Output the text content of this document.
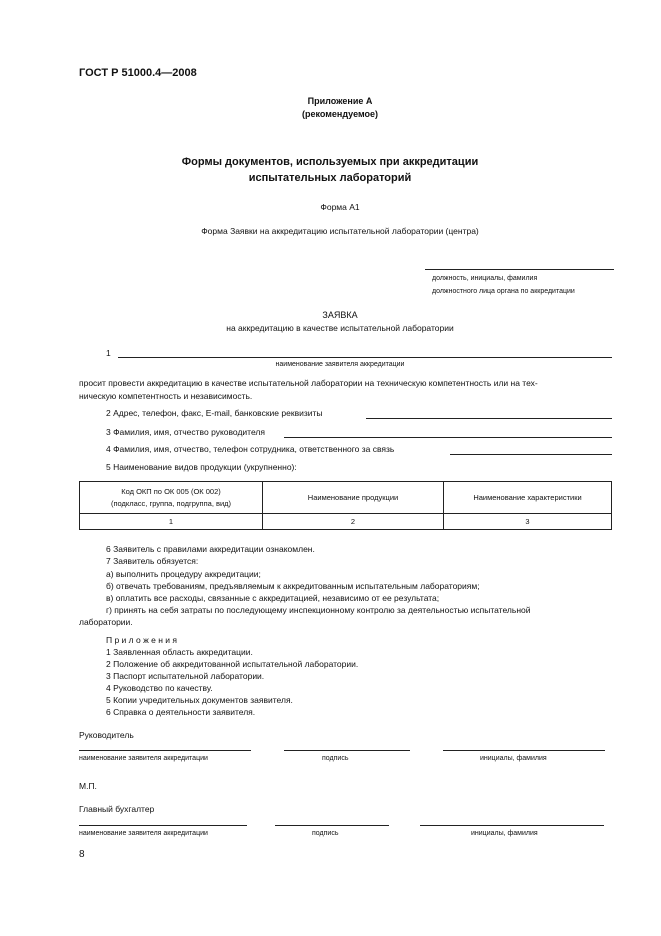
ГОСТ Р 51000.4—2008
Приложение А
(рекомендуемое)
Формы документов, используемых при аккредитации
испытательных лабораторий
Форма А1
Форма Заявки на аккредитацию испытательной лаборатории (центра)
должность, инициалы, фамилия
должностного лица органа по аккредитации
ЗАЯВКА
на аккредитацию в качестве испытательной лаборатории
1
наименование заявителя аккредитации
просит провести аккредитацию в качестве испытательной лаборатории на техническую компетентность или на тех-
ническую компетентность и независимость.
2 Адрес, телефон, факс, E-mail, банковские реквизиты
3 Фамилия, имя, отчество руководителя
4 Фамилия, имя, отчество, телефон сотрудника, ответственного за связь
5 Наименование видов продукции (укрупненно):
Код ОКП по ОК 005 (ОК 002)
(подкласс, группа, подгруппа, вид)	Наименование продукции	Наименование характеристики
1	2	3
6 Заявитель с правилами аккредитации ознакомлен.
7 Заявитель обязуется:
а) выполнить процедуру аккредитации;
б) отвечать требованиям, предъявляемым к аккредитованным испытательным лабораториям;
в) оплатить все расходы, связанные с аккредитацией, независимо от ее результата;
г) принять на себя затраты по последующему инспекционному контролю за деятельностью испытательной
лаборатории.
П р и л о ж е н и я
1 Заявленная область аккредитации.
2 Положение об аккредитованной испытательной лаборатории.
3 Паспорт испытательной лаборатории.
4 Руководство по качеству.
5 Копии учредительных документов заявителя.
6 Справка о деятельности заявителя.
Руководитель
наименование заявителя аккредитации	подпись	инициалы, фамилия
М.П.
Главный бухгалтер
наименование заявителя аккредитации	подпись	инициалы, фамилия
8
